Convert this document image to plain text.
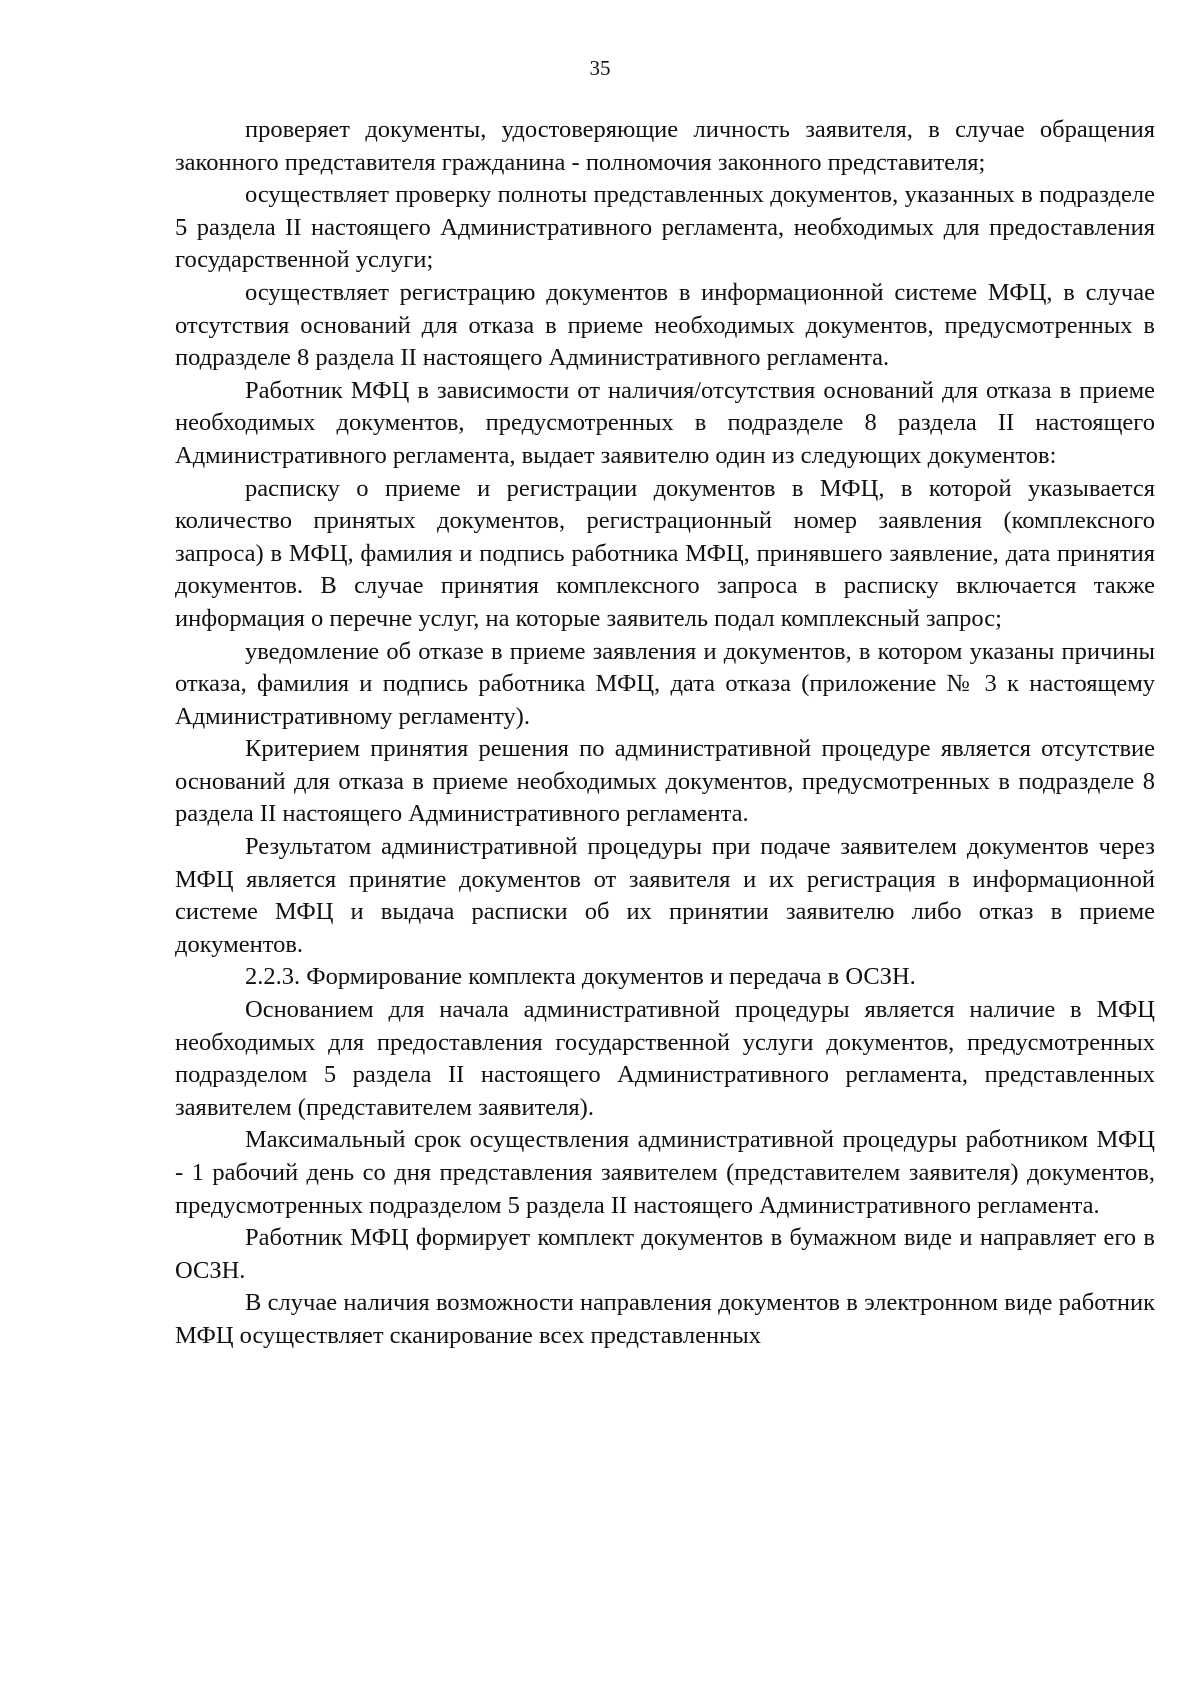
35

проверяет документы, удостоверяющие личность заявителя, в случае обращения законного представителя гражданина - полномочия законного представителя;

осуществляет проверку полноты представленных документов, указанных в подразделе 5 раздела II настоящего Административного регламента, необходимых для предоставления государственной услуги;

осуществляет регистрацию документов в информационной системе МФЦ, в случае отсутствия оснований для отказа в приеме необходимых документов, предусмотренных в подразделе 8 раздела II настоящего Административного регламента.

Работник МФЦ в зависимости от наличия/отсутствия оснований для отказа в приеме необходимых документов, предусмотренных в подразделе 8 раздела II настоящего Административного регламента, выдает заявителю один из следующих документов:

расписку о приеме и регистрации документов в МФЦ, в которой указывается количество принятых документов, регистрационный номер заявления (комплексного запроса) в МФЦ, фамилия и подпись работника МФЦ, принявшего заявление, дата принятия документов. В случае принятия комплексного запроса в расписку включается также информация о перечне услуг, на которые заявитель подал комплексный запрос;

уведомление об отказе в приеме заявления и документов, в котором указаны причины отказа, фамилия и подпись работника МФЦ, дата отказа (приложение № 3 к настоящему Административному регламенту).

Критерием принятия решения по административной процедуре является отсутствие оснований для отказа в приеме необходимых документов, предусмотренных в подразделе 8 раздела II настоящего Административного регламента.

Результатом административной процедуры при подаче заявителем документов через МФЦ является принятие документов от заявителя и их регистрация в информационной системе МФЦ и выдача расписки об их принятии заявителю либо отказ в приеме документов.

2.2.3. Формирование комплекта документов и передача в ОСЗН.

Основанием для начала административной процедуры является наличие в МФЦ необходимых для предоставления государственной услуги документов, предусмотренных подразделом 5 раздела II настоящего Административного регламента, представленных заявителем (представителем заявителя).

Максимальный срок осуществления административной процедуры работником МФЦ - 1 рабочий день со дня представления заявителем (представителем заявителя) документов, предусмотренных подразделом 5 раздела II настоящего Административного регламента.

Работник МФЦ формирует комплект документов в бумажном виде и направляет его в ОСЗН.

В случае наличия возможности направления документов в электронном виде работник МФЦ осуществляет сканирование всех представленных
